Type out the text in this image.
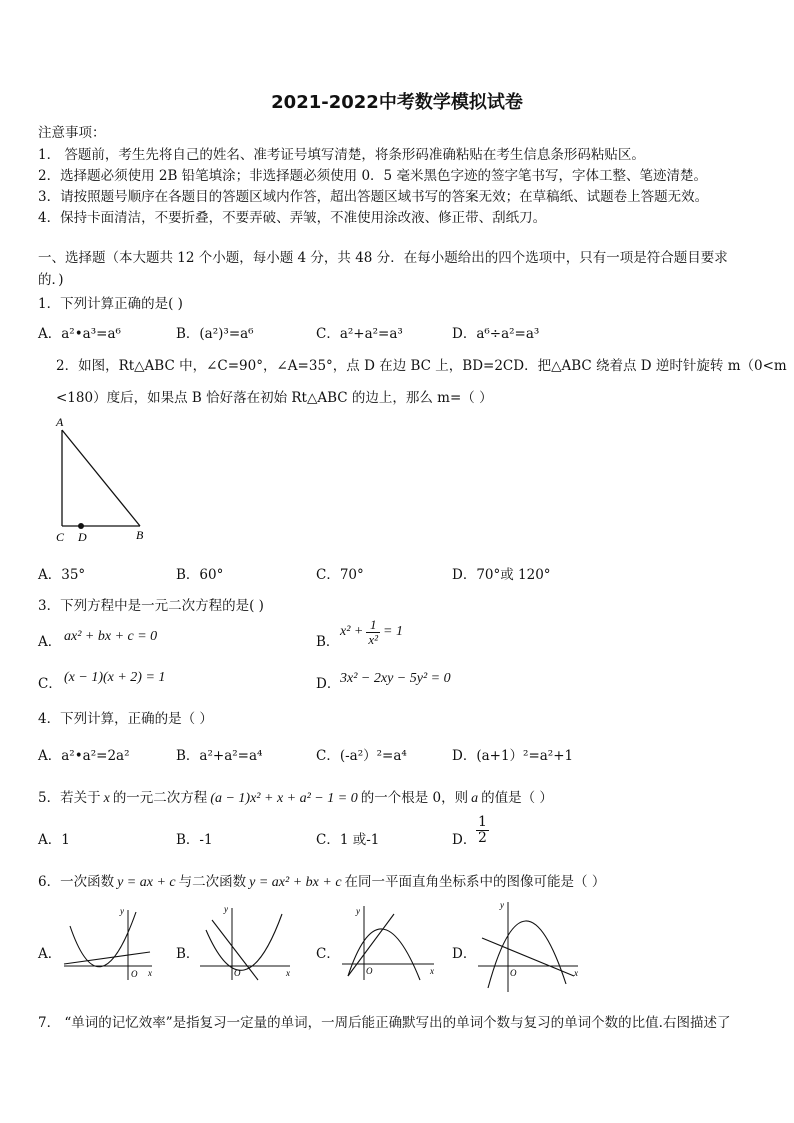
2021-2022中考数学模拟试卷
注意事项：
1． 答题前，考生先将自己的姓名、准考证号填写清楚，将条形码准确粘贴在考生信息条形码粘贴区。
2．选择题必须使用 2B 铅笔填涂；非选择题必须使用 0．5 毫米黑色字迹的签字笔书写，字体工整、笔迹清楚。
3．请按照题号顺序在各题目的答题区域内作答，超出答题区域书写的答案无效；在草稿纸、试题卷上答题无效。
4．保持卡面清洁，不要折叠，不要弄破、弄皱，不准使用涂改液、修正带、刮纸刀。
一、选择题（本大题共 12 个小题，每小题 4 分，共 48 分．在每小题给出的四个选项中，只有一项是符合题目要求
的．)
1．下列计算正确的是( )
A．a²•a³=a⁶	B．(a²)³=a⁶	C．a²+a²=a³	D．a⁶÷a²=a³
2．如图，Rt△ABC 中，∠C=90°，∠A=35°，点 D 在边 BC 上，BD=2CD．把△ABC 绕着点 D 逆时针旋转 m（0<m
<180）度后，如果点 B 恰好落在初始 Rt△ABC 的边上，那么 m=（ ）
A
C D	B
A．35°	B．60°	C．70°	D．70°或 120°
3．下列方程中是一元二次方程的是( )
A． ax² + bx + c = 0	B．
$x^2 + \frac{1}{\text{x²}} = 1$
C． (x − 1)(x + 2) = 1	D． 3x² − 2xy − 5y² = 0
4．下列计算，正确的是（ ）
A．a²•a²=2a²	B．a²+a²=a⁴	C．(-a²）²=a⁴	D．(a+1）²=a²+1
5．若关于 x 的一元二次方程 (a − 1)x² + x + a² − 1 = 0 的一个根是 0，则 a 的值是（ ）
A．1	B．-1	C．1 或-1	D． $\frac{1}{2}$
6．一次函数 y = ax + c 与二次函数 y = ax² + bx + c 在同一平面直角坐标系中的图像可能是（ ）
A．	B．	C．	D．
x
y
O	x
y
O	x
y
O	x
y
O
7． “单词的记忆效率”是指复习一定量的单词，一周后能正确默写出的单词个数与复习的单词个数的比值.右图描述了
